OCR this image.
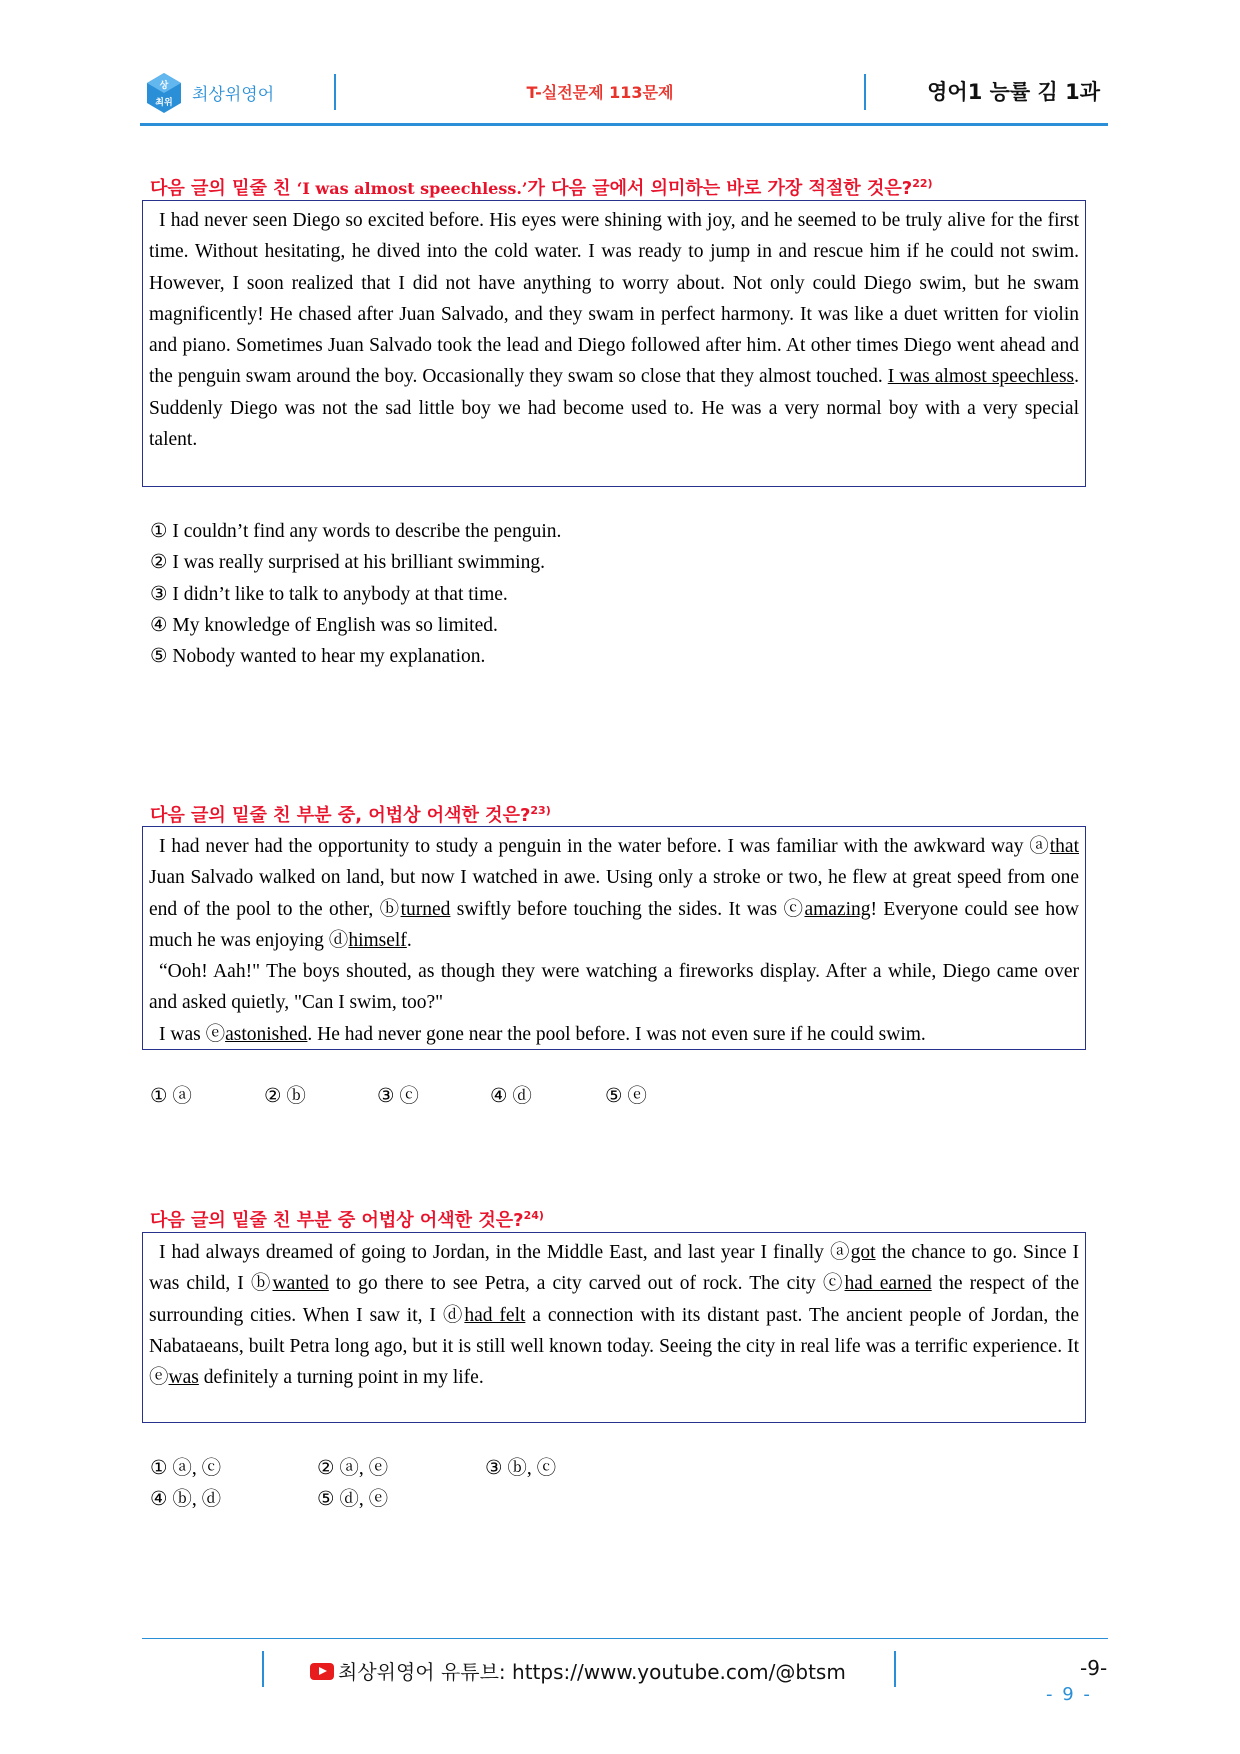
상
최위 최상위영어	T-실전문제 113문제	영어1 능률 김 1과
다음 글의 밑줄 친 ‘I was almost speechless.’가 다음 글에서 의미하는 바로 가장 적절한 것은?$^{22)}$

I had never seen Diego so excited before. His eyes were shining with joy, and he seemed to be truly alive for the first time. Without hesitating, he dived into the cold water. I was ready to jump in and rescue him if he could not swim. However, I soon realized that I did not have anything to worry about. Not only could Diego swim, but he swam magnificently! He chased after Juan Salvado, and they swam in perfect harmony. It was like a duet written for violin and piano. Sometimes Juan Salvado took the lead and Diego followed after him. At other times Diego went ahead and the penguin swam around the boy. Occasionally they swam so close that they almost touched. I was almost speechless. Suddenly Diego was not the sad little boy we had become used to. He was a very normal boy with a very special talent.

① I couldn’t find any words to describe the penguin.
② I was really surprised at his brilliant swimming.
③ I didn’t like to talk to anybody at that time.
④ My knowledge of English was so limited.
⑤ Nobody wanted to hear my explanation.
다음 글의 밑줄 친 부분 중, 어법상 어색한 것은?$^{23)}$

I had never had the opportunity to study a penguin in the water before. I was familiar with the awkward way ⓐthat Juan Salvado walked on land, but now I watched in awe. Using only a stroke or two, he flew at great speed from one end of the pool to the other, ⓑturned swiftly before touching the sides. It was ⓒamazing! Everyone could see how much he was enjoying ⓓhimself.

“Ooh! Aah!" The boys shouted, as though they were watching a fireworks display. After a while, Diego came over and asked quietly, "Can I swim, too?"

I was ⓔastonished. He had never gone near the pool before. I was not even sure if he could swim.

① ⓐ	② ⓑ	③ ⓒ	④ ⓓ	⑤ ⓔ
다음 글의 밑줄 친 부분 중 어법상 어색한 것은?$^{24)}$

I had always dreamed of going to Jordan, in the Middle East, and last year I finally ⓐgot the chance to go. Since I was child, I ⓑwanted to go there to see Petra, a city carved out of rock. The city ⓒhad earned the respect of the surrounding cities. When I saw it, I ⓓhad felt a connection with its distant past. The ancient people of Jordan, the Nabataeans, built Petra long ago, but it is still well known today. Seeing the city in real life was a terrific experience. It ⓔwas definitely a turning point in my life.

① ⓐ, ⓒ	② ⓐ, ⓔ	③ ⓑ, ⓒ
④ ⓑ, ⓓ	⑤ ⓓ, ⓔ
최상위영어 유튜브: https://www.youtube.com/@btsm	-9-
- 9 -
